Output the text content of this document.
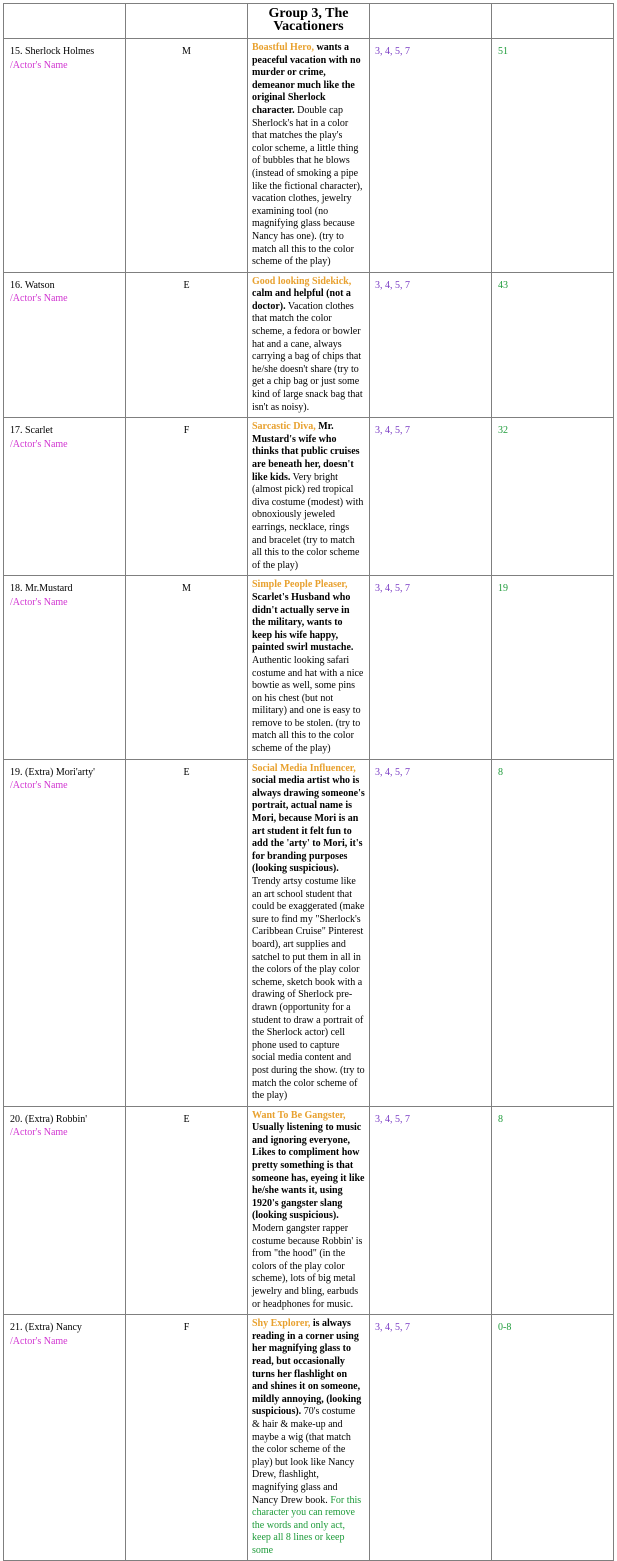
		Group 3, The Vacationers		
15. Sherlock Holmes
/Actor's Name	M	Boastful Hero, wants a peaceful vacation with no murder or crime, demeanor much like the original Sherlock character. Double cap Sherlock's hat in a color that matches the play's color scheme, a little thing of bubbles that he blows (instead of smoking a pipe like the fictional character), vacation clothes, jewelry examining tool (no magnifying glass because Nancy has one). (try to match all this to the color scheme of the play)	3, 4, 5, 7	51
16. Watson
/Actor's Name	E	Good looking Sidekick, calm and helpful (not a doctor). Vacation clothes that match the color scheme, a fedora or bowler hat and a cane, always carrying a bag of chips that he/she doesn't share (try to get a chip bag or just some kind of large snack bag that isn't as noisy).	3, 4, 5, 7	43
17. Scarlet
/Actor's Name	F	Sarcastic Diva, Mr. Mustard's wife who thinks that public cruises are beneath her, doesn't like kids. Very bright (almost pick) red tropical diva costume (modest) with obnoxiously jeweled earrings, necklace, rings and bracelet (try to match all this to the color scheme of the play)	3, 4, 5, 7	32
18. Mr.Mustard
/Actor's Name	M	Simple People Pleaser, Scarlet's Husband who didn't actually serve in the military, wants to keep his wife happy, painted swirl mustache. Authentic looking safari costume and hat with a nice bowtie as well, some pins on his chest (but not military) and one is easy to remove to be stolen. (try to match all this to the color scheme of the play)	3, 4, 5, 7	19
19. (Extra) Mori'arty'
/Actor's Name	E	Social Media Influencer, social media artist who is always drawing someone's portrait, actual name is Mori, because Mori is an art student it felt fun to add the 'arty' to Mori, it's for branding purposes (looking suspicious). Trendy artsy costume like an art school student that could be exaggerated (make sure to find my "Sherlock's Caribbean Cruise" Pinterest board), art supplies and satchel to put them in all in the colors of the play color scheme, sketch book with a drawing of Sherlock pre-drawn (opportunity for a student to draw a portrait of the Sherlock actor) cell phone used to capture social media content and post during the show. (try to match the color scheme of the play)	3, 4, 5, 7	8
20. (Extra) Robbin'
/Actor's Name	E	Want To Be Gangster, Usually listening to music and ignoring everyone, Likes to compliment how pretty something is that someone has, eyeing it like he/she wants it, using 1920's gangster slang (looking suspicious). Modern gangster rapper costume because Robbin' is from "the hood" (in the colors of the play color scheme), lots of big metal jewelry and bling, earbuds or headphones for music.	3, 4, 5, 7	8
21. (Extra) Nancy
/Actor's Name	F	Shy Explorer, is always reading in a corner using her magnifying glass to read, but occasionally turns her flashlight on and shines it on someone, mildly annoying, (looking suspicious). 70's costume & hair & make-up and maybe a wig (that match the color scheme of the play) but look like Nancy Drew, flashlight, magnifying glass and Nancy Drew book. For this character you can remove the words and only act, keep all 8 lines or keep some	3, 4, 5, 7	0-8
